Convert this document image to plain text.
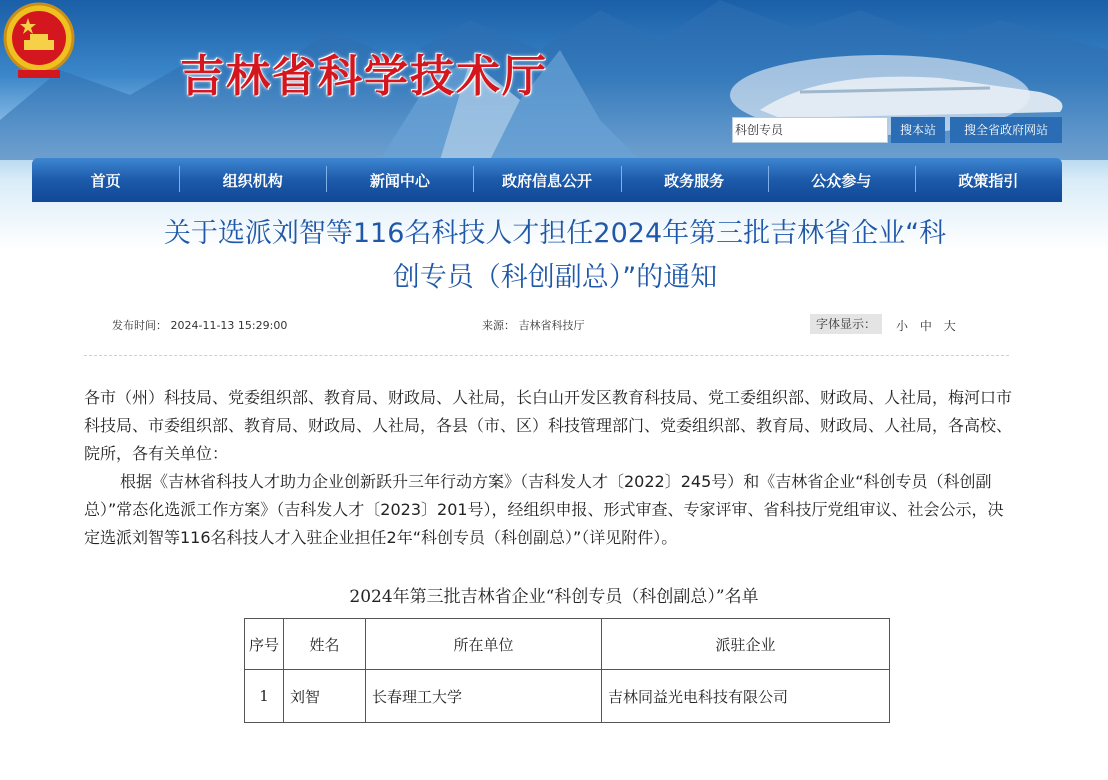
吉林省科学技术厅
科创专员	搜本站	搜全省政府网站
首页	组织机构	新闻中心	政府信息公开	政务服务	公众参与	政策指引
关于选派刘智等116名科技人才担任2024年第三批吉林省企业“科
创专员（科创副总）”的通知
发布时间： 2024-11-13 15:29:00	来源： 吉林省科技厅	字体显示：	小 中 大

各市（州）科技局、党委组织部、教育局、财政局、人社局，长白山开发区教育科技局、党工委组织部、财政局、人社局，梅河口市科技局、市委组织部、教育局、财政局、人社局，各县（市、区）科技管理部门、党委组织部、教育局、财政局、人社局，各高校、院所，各有关单位：

根据《吉林省科技人才助力企业创新跃升三年行动方案》（吉科发人才〔2022〕245号）和《吉林省企业“科创专员（科创副总）”常态化选派工作方案》（吉科发人才〔2023〕201号），经组织申报、形式审查、专家评审、省科技厅党组审议、社会公示，决定选派刘智等116名科技人才入驻企业担任2年“科创专员（科创副总）”（详见附件）。

2024年第三批吉林省企业“科创专员（科创副总）”名单
序号	姓名	所在单位	派驻企业
1	刘智	长春理工大学	吉林同益光电科技有限公司
